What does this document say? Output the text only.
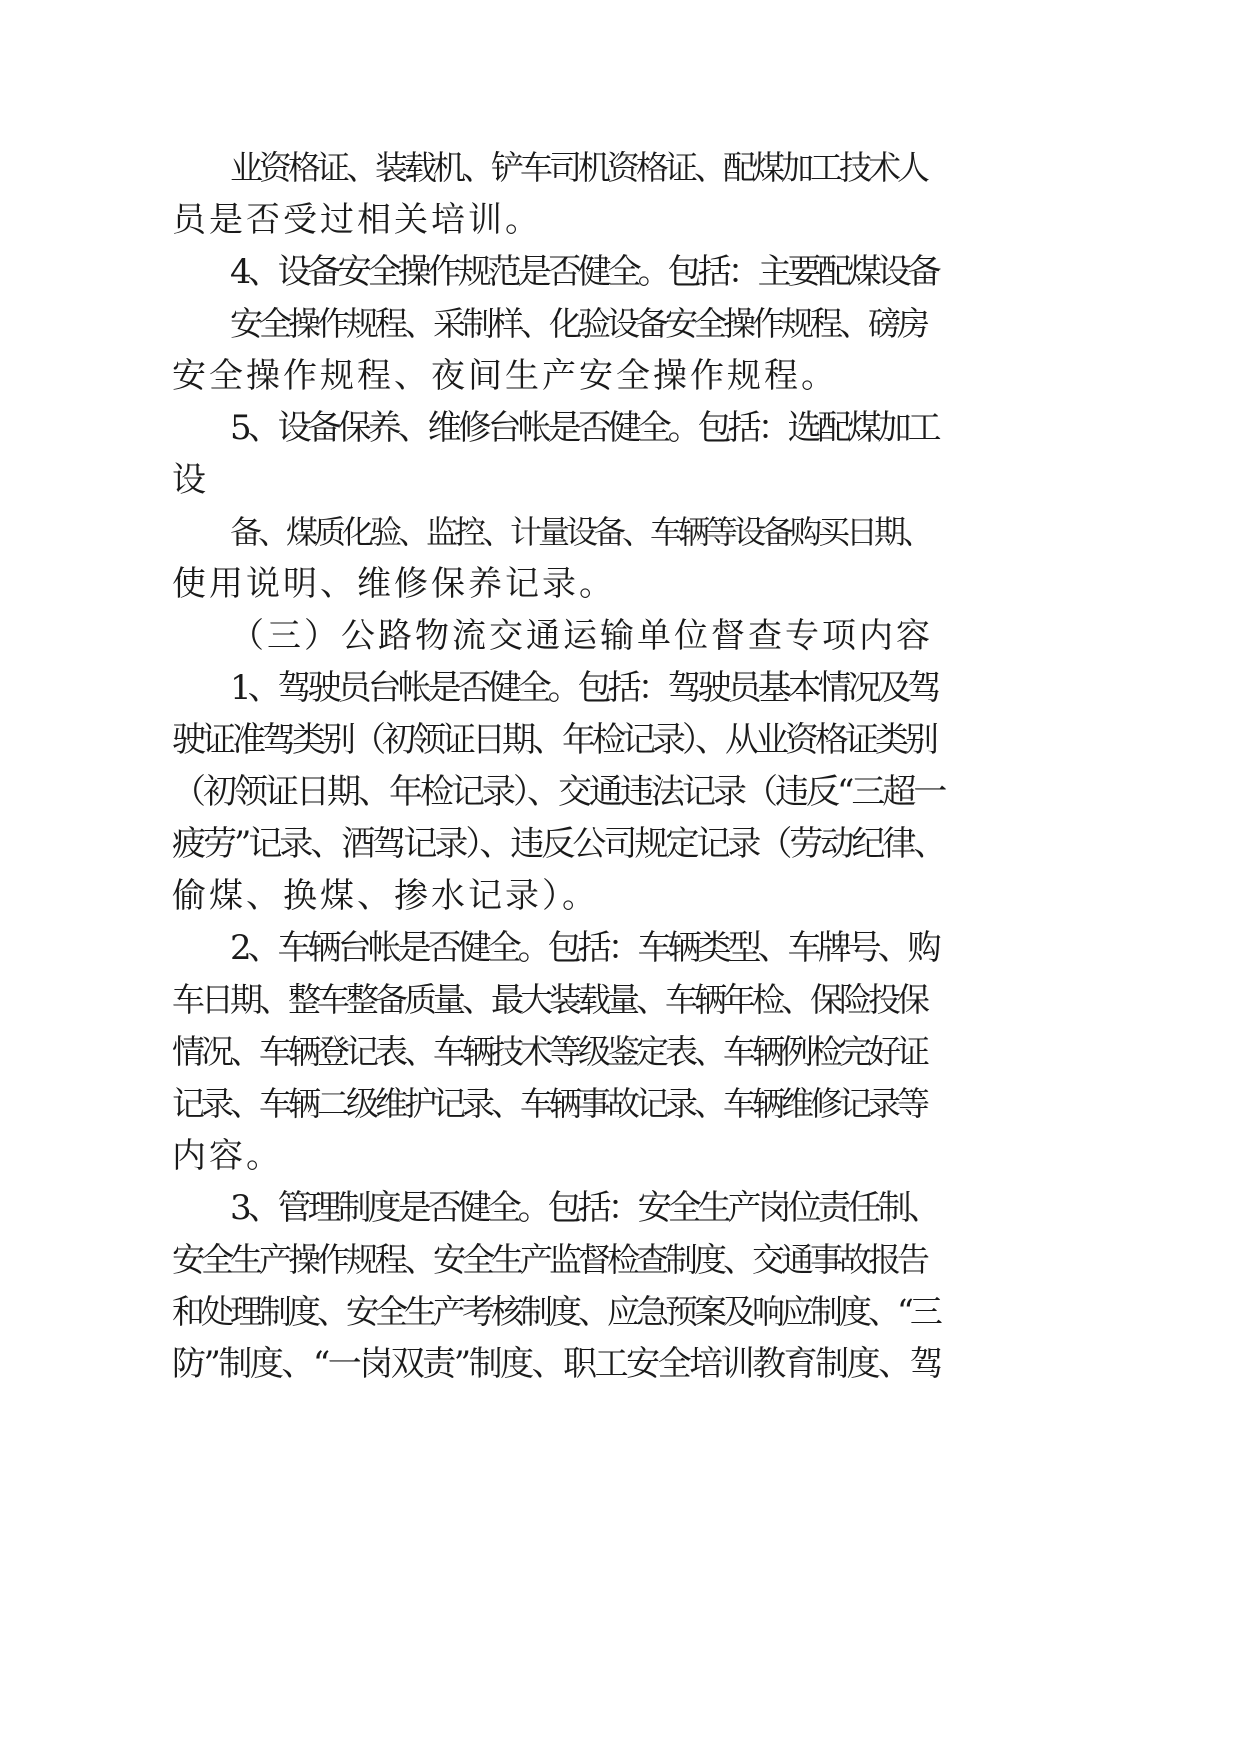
业资格证、装载机、铲车司机资格证、配煤加工技术人
员是否受过相关培训。
4、设备安全操作规范是否健全。包括：主要配煤设备
安全操作规程、采制样、化验设备安全操作规程、磅房
安全操作规程、夜间生产安全操作规程。
5、设备保养、维修台帐是否健全。包括：选配煤加工
设
备、煤质化验、监控、计量设备、车辆等设备购买日期、
使用说明、维修保养记录。
（三）公路物流交通运输单位督查专项内容
1、驾驶员台帐是否健全。包括：驾驶员基本情况及驾
驶证准驾类别（初领证日期、年检记录）、从业资格证类别
（初领证日期、年检记录）、交通违法记录（违反“三超一
疲劳”记录、酒驾记录）、违反公司规定记录（劳动纪律、
偷煤、换煤、掺水记录）。
2、车辆台帐是否健全。包括：车辆类型、车牌号、购
车日期、整车整备质量、最大装载量、车辆年检、保险投保
情况、车辆登记表、车辆技术等级鉴定表、车辆例检完好证
记录、车辆二级维护记录、车辆事故记录、车辆维修记录等
内容。
3、管理制度是否健全。包括：安全生产岗位责任制、
安全生产操作规程、安全生产监督检查制度、交通事故报告
和处理制度、安全生产考核制度、应急预案及响应制度、“三
防”制度、“一岗双责”制度、职工安全培训教育制度、驾
